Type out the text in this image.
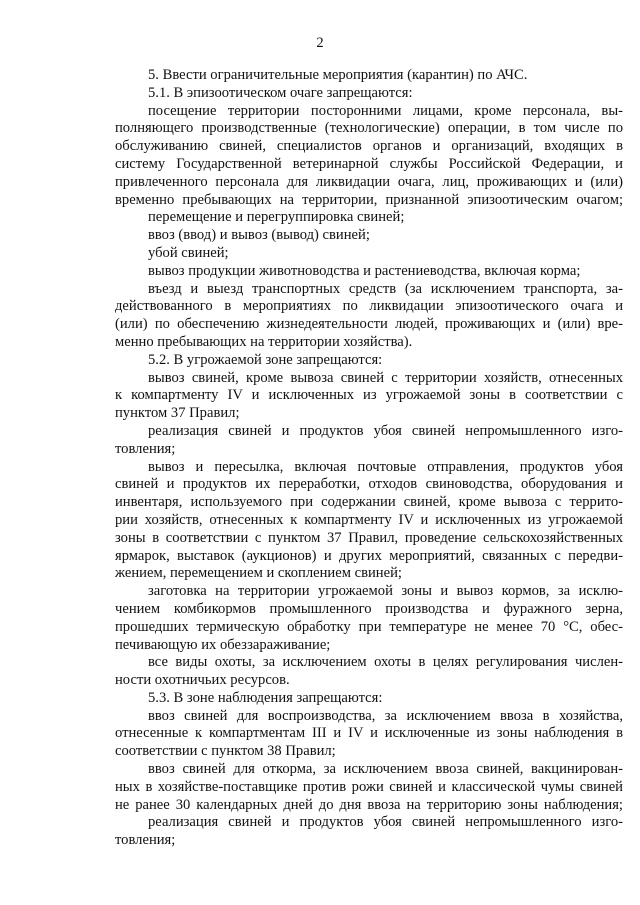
2
5. Ввести ограничительные мероприятия (карантин) по АЧС.
5.1. В эпизоотическом очаге запрещаются:
посещение территории посторонними лицами, кроме персонала, вы-
полняющего производственные (технологические) операции, в том числе по
обслуживанию свиней, специалистов органов и организаций, входящих в
систему Государственной ветеринарной службы Российской Федерации, и
привлеченного персонала для ликвидации очага, лиц, проживающих и (или)
временно пребывающих на территории, признанной эпизоотическим очагом;
перемещение и перегруппировка свиней;
ввоз (ввод) и вывоз (вывод) свиней;
убой свиней;
вывоз продукции животноводства и растениеводства, включая корма;
въезд и выезд транспортных средств (за исключением транспорта, за-
действованного в мероприятиях по ликвидации эпизоотического очага и
(или) по обеспечению жизнедеятельности людей, проживающих и (или) вре-
менно пребывающих на территории хозяйства).
5.2. В угрожаемой зоне запрещаются:
вывоз свиней, кроме вывоза свиней с территории хозяйств, отнесенных
к компартменту IV и исключенных из угрожаемой зоны в соответствии с
пунктом 37 Правил;
реализация свиней и продуктов убоя свиней непромышленного изго-
товления;
вывоз и пересылка, включая почтовые отправления, продуктов убоя
свиней и продуктов их переработки, отходов свиноводства, оборудования и
инвентаря, используемого при содержании свиней, кроме вывоза с террито-
рии хозяйств, отнесенных к компартменту IV и исключенных из угрожаемой
зоны в соответствии с пунктом 37 Правил, проведение сельскохозяйственных
ярмарок, выставок (аукционов) и других мероприятий, связанных с передви-
жением, перемещением и скоплением свиней;
заготовка на территории угрожаемой зоны и вывоз кормов, за исклю-
чением комбикормов промышленного производства и фуражного зерна,
прошедших термическую обработку при температуре не менее 70 °С, обес-
печивающую их обеззараживание;
все виды охоты, за исключением охоты в целях регулирования числен-
ности охотничьих ресурсов.
5.3. В зоне наблюдения запрещаются:
ввоз свиней для воспроизводства, за исключением ввоза в хозяйства,
отнесенные к компартментам III и IV и исключенные из зоны наблюдения в
соответствии с пунктом 38 Правил;
ввоз свиней для откорма, за исключением ввоза свиней, вакцинирован-
ных в хозяйстве-поставщике против рожи свиней и классической чумы свиней
не ранее 30 календарных дней до дня ввоза на территорию зоны наблюдения;
реализация свиней и продуктов убоя свиней непромышленного изго-
товления;
